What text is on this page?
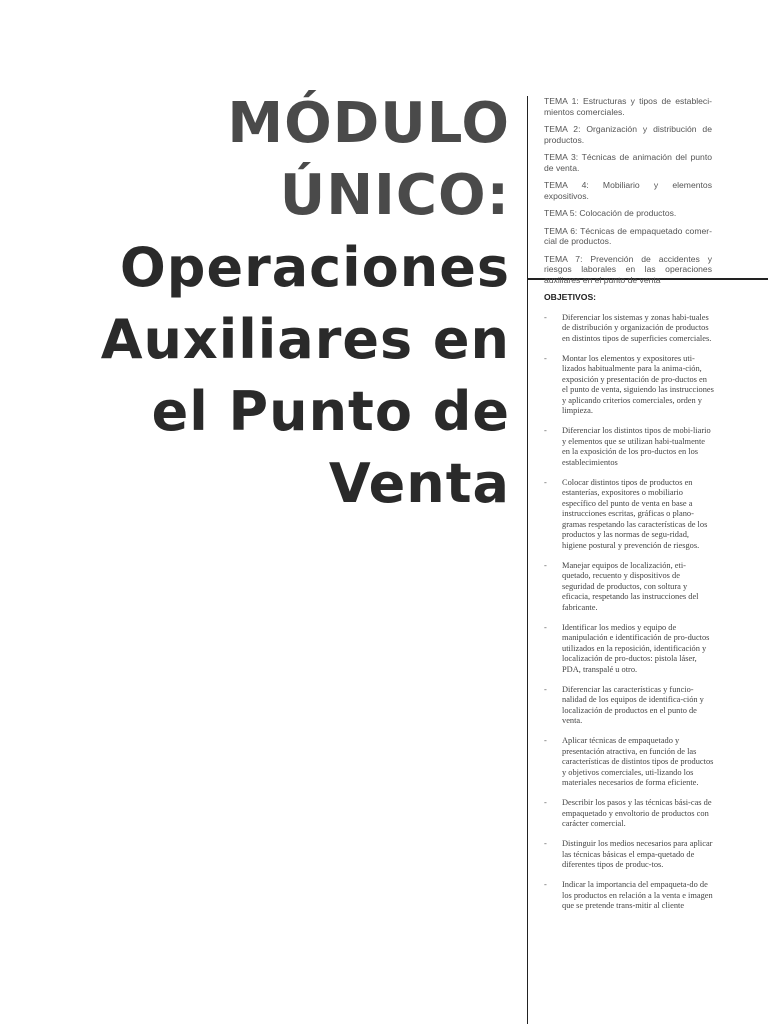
MÓDULO
ÚNICO:
Operaciones
Auxiliares en
el Punto de
Venta

TEMA 1: Estructuras y tipos de estableci-mientos comerciales.

TEMA 2: Organización y distribución de productos.

TEMA 3: Técnicas de animación del punto de venta.

TEMA 4: Mobiliario y elementos expositivos.

TEMA 5: Colocación de productos.

TEMA 6: Técnicas de empaquetado comer-cial de productos.

TEMA 7: Prevención de accidentes y riesgos laborales en las operaciones auxiliares en el punto de venta

OBJETIVOS:
-	Diferenciar los sistemas y zonas habi-tuales de distribución y organización de productos en distintos tipos de superficies comerciales.
-	Montar los elementos y expositores uti-lizados habitualmente para la anima-ción, exposición y presentación de pro-ductos en el punto de venta, siguiendo las instrucciones y aplicando criterios comerciales, orden y limpieza.
-	Diferenciar los distintos tipos de mobi-liario y elementos que se utilizan habi-tualmente en la exposición de los pro-ductos en los establecimientos
-	Colocar distintos tipos de productos en estanterías, expositores o mobiliario específico del punto de venta en base a instrucciones escritas, gráficas o plano-gramas respetando las características de los productos y las normas de segu-ridad, higiene postural y prevención de riesgos.
-	Manejar equipos de localización, eti-quetado, recuento y dispositivos de seguridad de productos, con soltura y eficacia, respetando las instrucciones del fabricante.
-	Identificar los medios y equipo de manipulación e identificación de pro-ductos utilizados en la reposición, identificación y localización de pro-ductos: pistola láser, PDA, transpalé u otro.
-	Diferenciar las características y funcio-nalidad de los equipos de identifica-ción y localización de productos en el punto de venta.
-	Aplicar técnicas de empaquetado y presentación atractiva, en función de las características de distintos tipos de productos y objetivos comerciales, uti-lizando los materiales necesarios de forma eficiente.
-	Describir los pasos y las técnicas bási-cas de empaquetado y envoltorio de productos con carácter comercial.
-	Distinguir los medios necesarios para aplicar las técnicas básicas el empa-quetado de diferentes tipos de produc-tos.
-	Indicar la importancia del empaqueta-do de los productos en relación a la venta e imagen que se pretende trans-mitir al cliente
